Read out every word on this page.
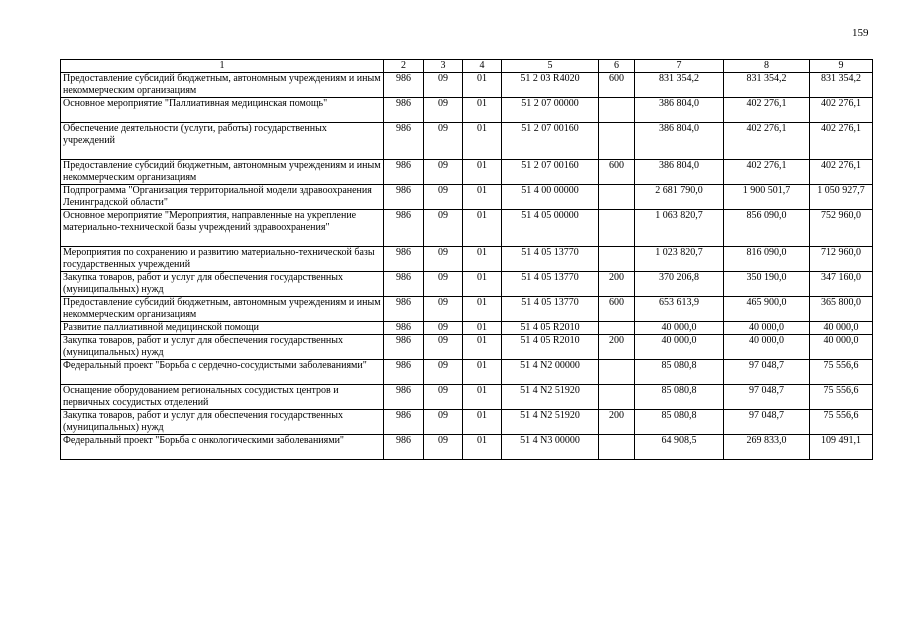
159
1	2	3	4	5	6	7	8	9
Предоставление субсидий бюджетным, автономным учреждениям и иным некоммерческим организациям	986	09	01	51 2 03 R4020	600	831 354,2	831 354,2	831 354,2
Основное мероприятие "Паллиативная медицинская помощь"	986	09	01	51 2 07 00000		386 804,0	402 276,1	402 276,1
Обеспечение деятельности (услуги, работы) государственных учреждений	986	09	01	51 2 07 00160		386 804,0	402 276,1	402 276,1
Предоставление субсидий бюджетным, автономным учреждениям и иным некоммерческим организациям	986	09	01	51 2 07 00160	600	386 804,0	402 276,1	402 276,1
Подпрограмма "Организация территориальной модели здравоохранения Ленинградской области"	986	09	01	51 4 00 00000		2 681 790,0	1 900 501,7	1 050 927,7
Основное мероприятие "Мероприятия, направленные на укрепление материально-технической базы учреждений здравоохранения"	986	09	01	51 4 05 00000		1 063 820,7	856 090,0	752 960,0
Мероприятия по сохранению и развитию материально-технической базы государственных учреждений	986	09	01	51 4 05 13770		1 023 820,7	816 090,0	712 960,0
Закупка товаров, работ и услуг для обеспечения государственных (муниципальных) нужд	986	09	01	51 4 05 13770	200	370 206,8	350 190,0	347 160,0
Предоставление субсидий бюджетным, автономным учреждениям и иным некоммерческим организациям	986	09	01	51 4 05 13770	600	653 613,9	465 900,0	365 800,0
Развитие паллиативной медицинской помощи	986	09	01	51 4 05 R2010		40 000,0	40 000,0	40 000,0
Закупка товаров, работ и услуг для обеспечения государственных (муниципальных) нужд	986	09	01	51 4 05 R2010	200	40 000,0	40 000,0	40 000,0
Федеральный проект "Борьба с сердечно-сосудистыми заболеваниями"	986	09	01	51 4 N2 00000		85 080,8	97 048,7	75 556,6
Оснащение оборудованием региональных сосудистых центров и первичных сосудистых отделений	986	09	01	51 4 N2 51920		85 080,8	97 048,7	75 556,6
Закупка товаров, работ и услуг для обеспечения государственных (муниципальных) нужд	986	09	01	51 4 N2 51920	200	85 080,8	97 048,7	75 556,6
Федеральный проект "Борьба с онкологическими заболеваниями"	986	09	01	51 4 N3 00000		64 908,5	269 833,0	109 491,1
